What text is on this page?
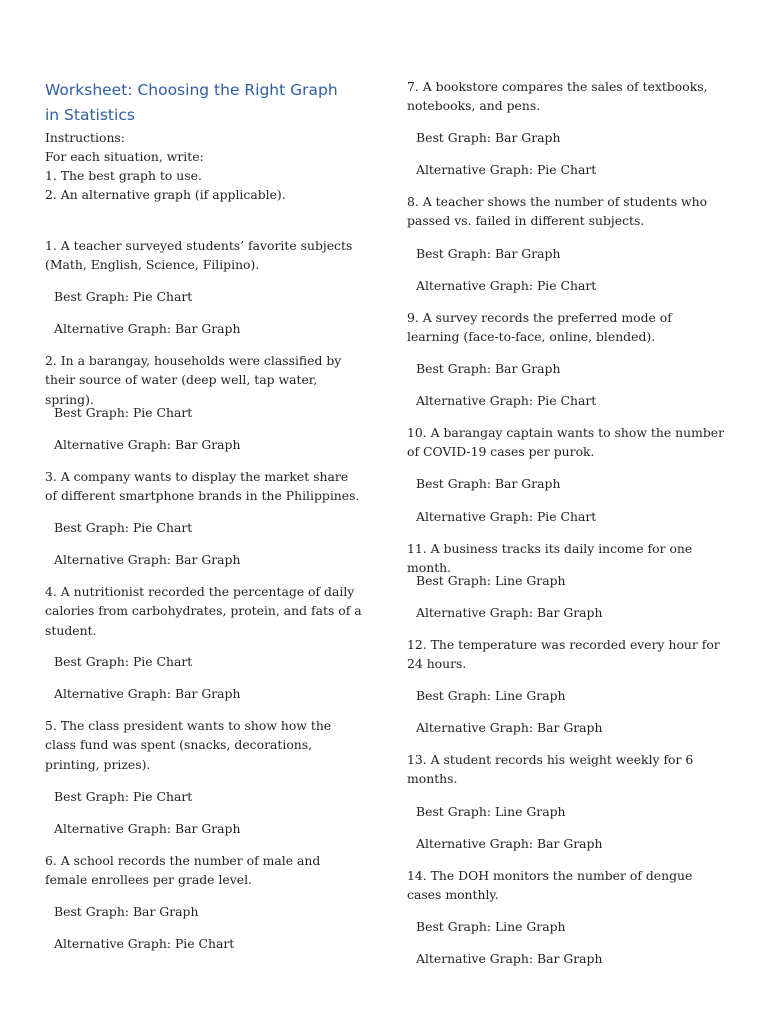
Worksheet: Choosing the Right Graph in Statistics
Instructions:
For each situation, write:
1. The best graph to use.
2. An alternative graph (if applicable).

1. A teacher surveyed students’ favorite subjects (Math, English, Science, Filipino).

Best Graph: Pie Chart
Alternative Graph: Bar Graph

2. In a barangay, households were classified by their source of water (deep well, tap water, spring).

Best Graph: Pie Chart
Alternative Graph: Bar Graph

3. A company wants to display the market share of different smartphone brands in the Philippines.

Best Graph: Pie Chart
Alternative Graph: Bar Graph

4. A nutritionist recorded the percentage of daily calories from carbohydrates, protein, and fats of a student.

Best Graph: Pie Chart
Alternative Graph: Bar Graph

5. The class president wants to show how the class fund was spent (snacks, decorations, printing, prizes).

Best Graph: Pie Chart
Alternative Graph: Bar Graph

6. A school records the number of male and female enrollees per grade level.

Best Graph: Bar Graph
Alternative Graph: Pie Chart

7. A bookstore compares the sales of textbooks, notebooks, and pens.

Best Graph: Bar Graph
Alternative Graph: Pie Chart

8. A teacher shows the number of students who passed vs. failed in different subjects.

Best Graph: Bar Graph
Alternative Graph: Pie Chart

9. A survey records the preferred mode of learning (face-to-face, online, blended).

Best Graph: Bar Graph
Alternative Graph: Pie Chart

10. A barangay captain wants to show the number of COVID-19 cases per purok.

Best Graph: Bar Graph
Alternative Graph: Pie Chart

11. A business tracks its daily income for one month.

Best Graph: Line Graph
Alternative Graph: Bar Graph

12. The temperature was recorded every hour for 24 hours.

Best Graph: Line Graph
Alternative Graph: Bar Graph

13. A student records his weight weekly for 6 months.

Best Graph: Line Graph
Alternative Graph: Bar Graph

14. The DOH monitors the number of dengue cases monthly.

Best Graph: Line Graph
Alternative Graph: Bar Graph
